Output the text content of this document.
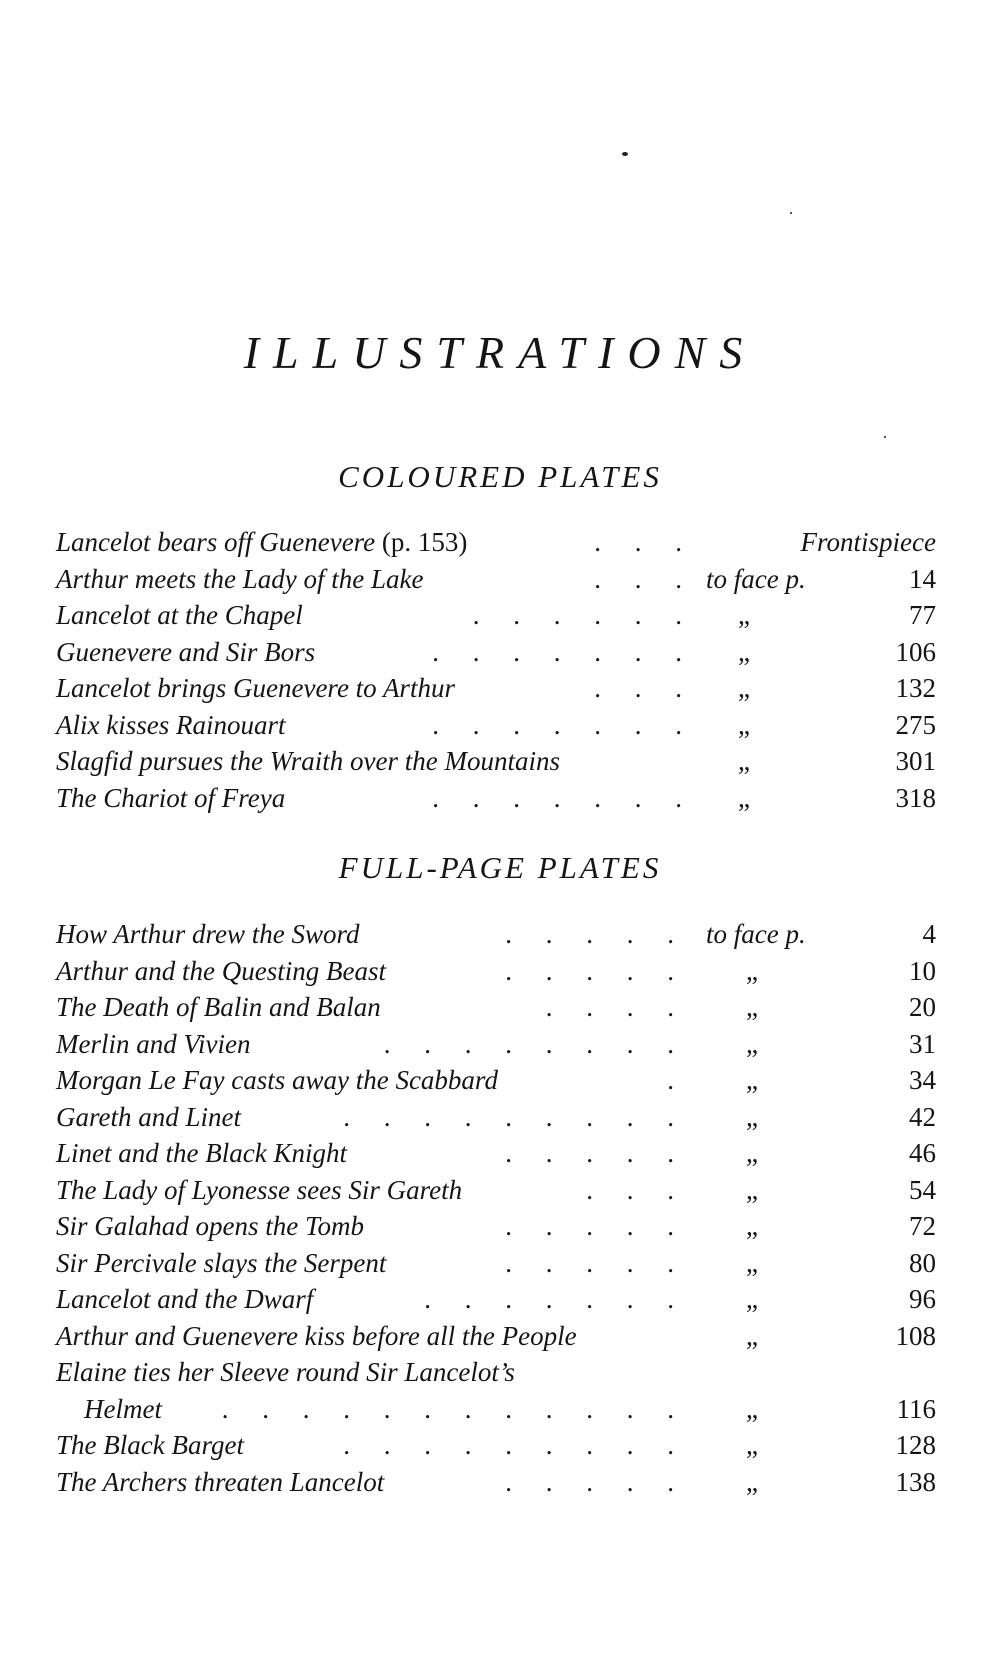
ILLUSTRATIONS
COLOURED PLATES
Lancelot bears off Guenevere (p. 153)	.     .     .	Frontispiece
Arthur meets the Lady of the Lake	.     .     . to face p.	14
Lancelot at the Chapel	.     .     .     .     .     . „	77
Guenevere and Sir Bors	.     .     .     .     .     .     . „	106
Lancelot brings Guenevere to Arthur	.     .     . „	132
Alix kisses Rainouart	.     .     .     .     .     .     . „	275
Slagfid pursues the Wraith over the Mountains	„	301
The Chariot of Freya	.     .     .     .     .     .     . „	318
FULL-PAGE PLATES
How Arthur drew the Sword	.     .     .     .     . to face p.	4
Arthur and the Questing Beast	.     .     .     .     .	„	10
The Death of Balin and Balan	.     .     .     .	„	20
Merlin and Vivien	.     .     .     .     .     .     .     .	„	31
Morgan Le Fay casts away the Scabbard	.	„	34
Gareth and Linet	.     .     .     .     .     .     .     .     .	„	42
Linet and the Black Knight	.     .     .     .     .	„	46
The Lady of Lyonesse sees Sir Gareth	.     .     .	„	54
Sir Galahad opens the Tomb	.     .     .     .     .	„	72
Sir Percivale slays the Serpent	.     .     .     .     .	„	80
Lancelot and the Dwarf	.     .     .     .     .     .     .	„	96
Arthur and Guenevere kiss before all the People	„	108
Elaine ties her Sleeve round Sir Lancelot’s
Helmet .     .     .     .     .     .     .     .     .     .     .     .	„	116
The Black Barget	.     .     .     .     .     .     .     .     .	„	128
The Archers threaten Lancelot	.     .     .     .     .	„	138
